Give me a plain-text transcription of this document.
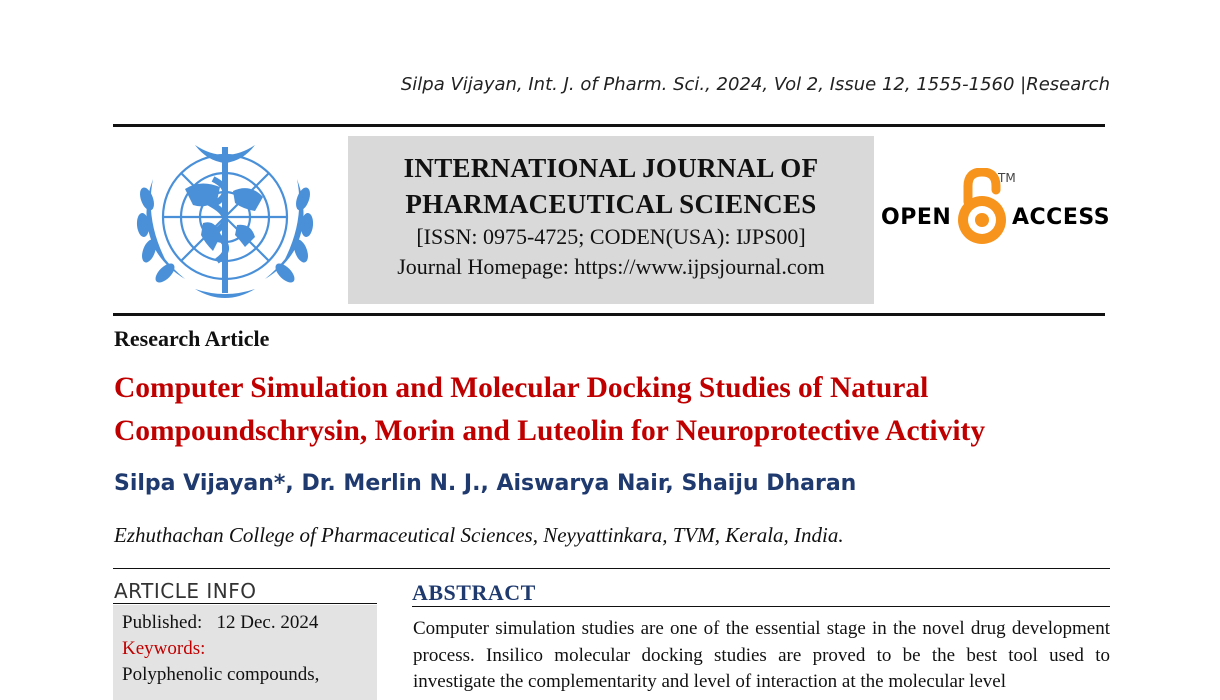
Silpa Vijayan, Int. J. of Pharm. Sci., 2024, Vol 2, Issue 12, 1555-1560 |Research
INTERNATIONAL JOURNAL OF
PHARMACEUTICAL SCIENCES
[ISSN: 0975-4725; CODEN(USA): IJPS00]
Journal Homepage: https://www.ijpsjournal.com
OPEN
TM
ACCESS
Research Article
Computer Simulation and Molecular Docking Studies of Natural
Compoundschrysin, Morin and Luteolin for Neuroprotective Activity
Silpa Vijayan*, Dr. Merlin N. J., Aiswarya Nair, Shaiju Dharan
Ezhuthachan College of Pharmaceutical Sciences, Neyyattinkara, TVM, Kerala, India.
ARTICLE INFO
Published: 12 Dec. 2024
Keywords:
Polyphenolic compounds,
ABSTRACT
Computer simulation studies are one of the essential stage in the novel drug development process. Insilico molecular docking studies are proved to be the best tool used to investigate the complementarity and level of interaction at the molecular level
